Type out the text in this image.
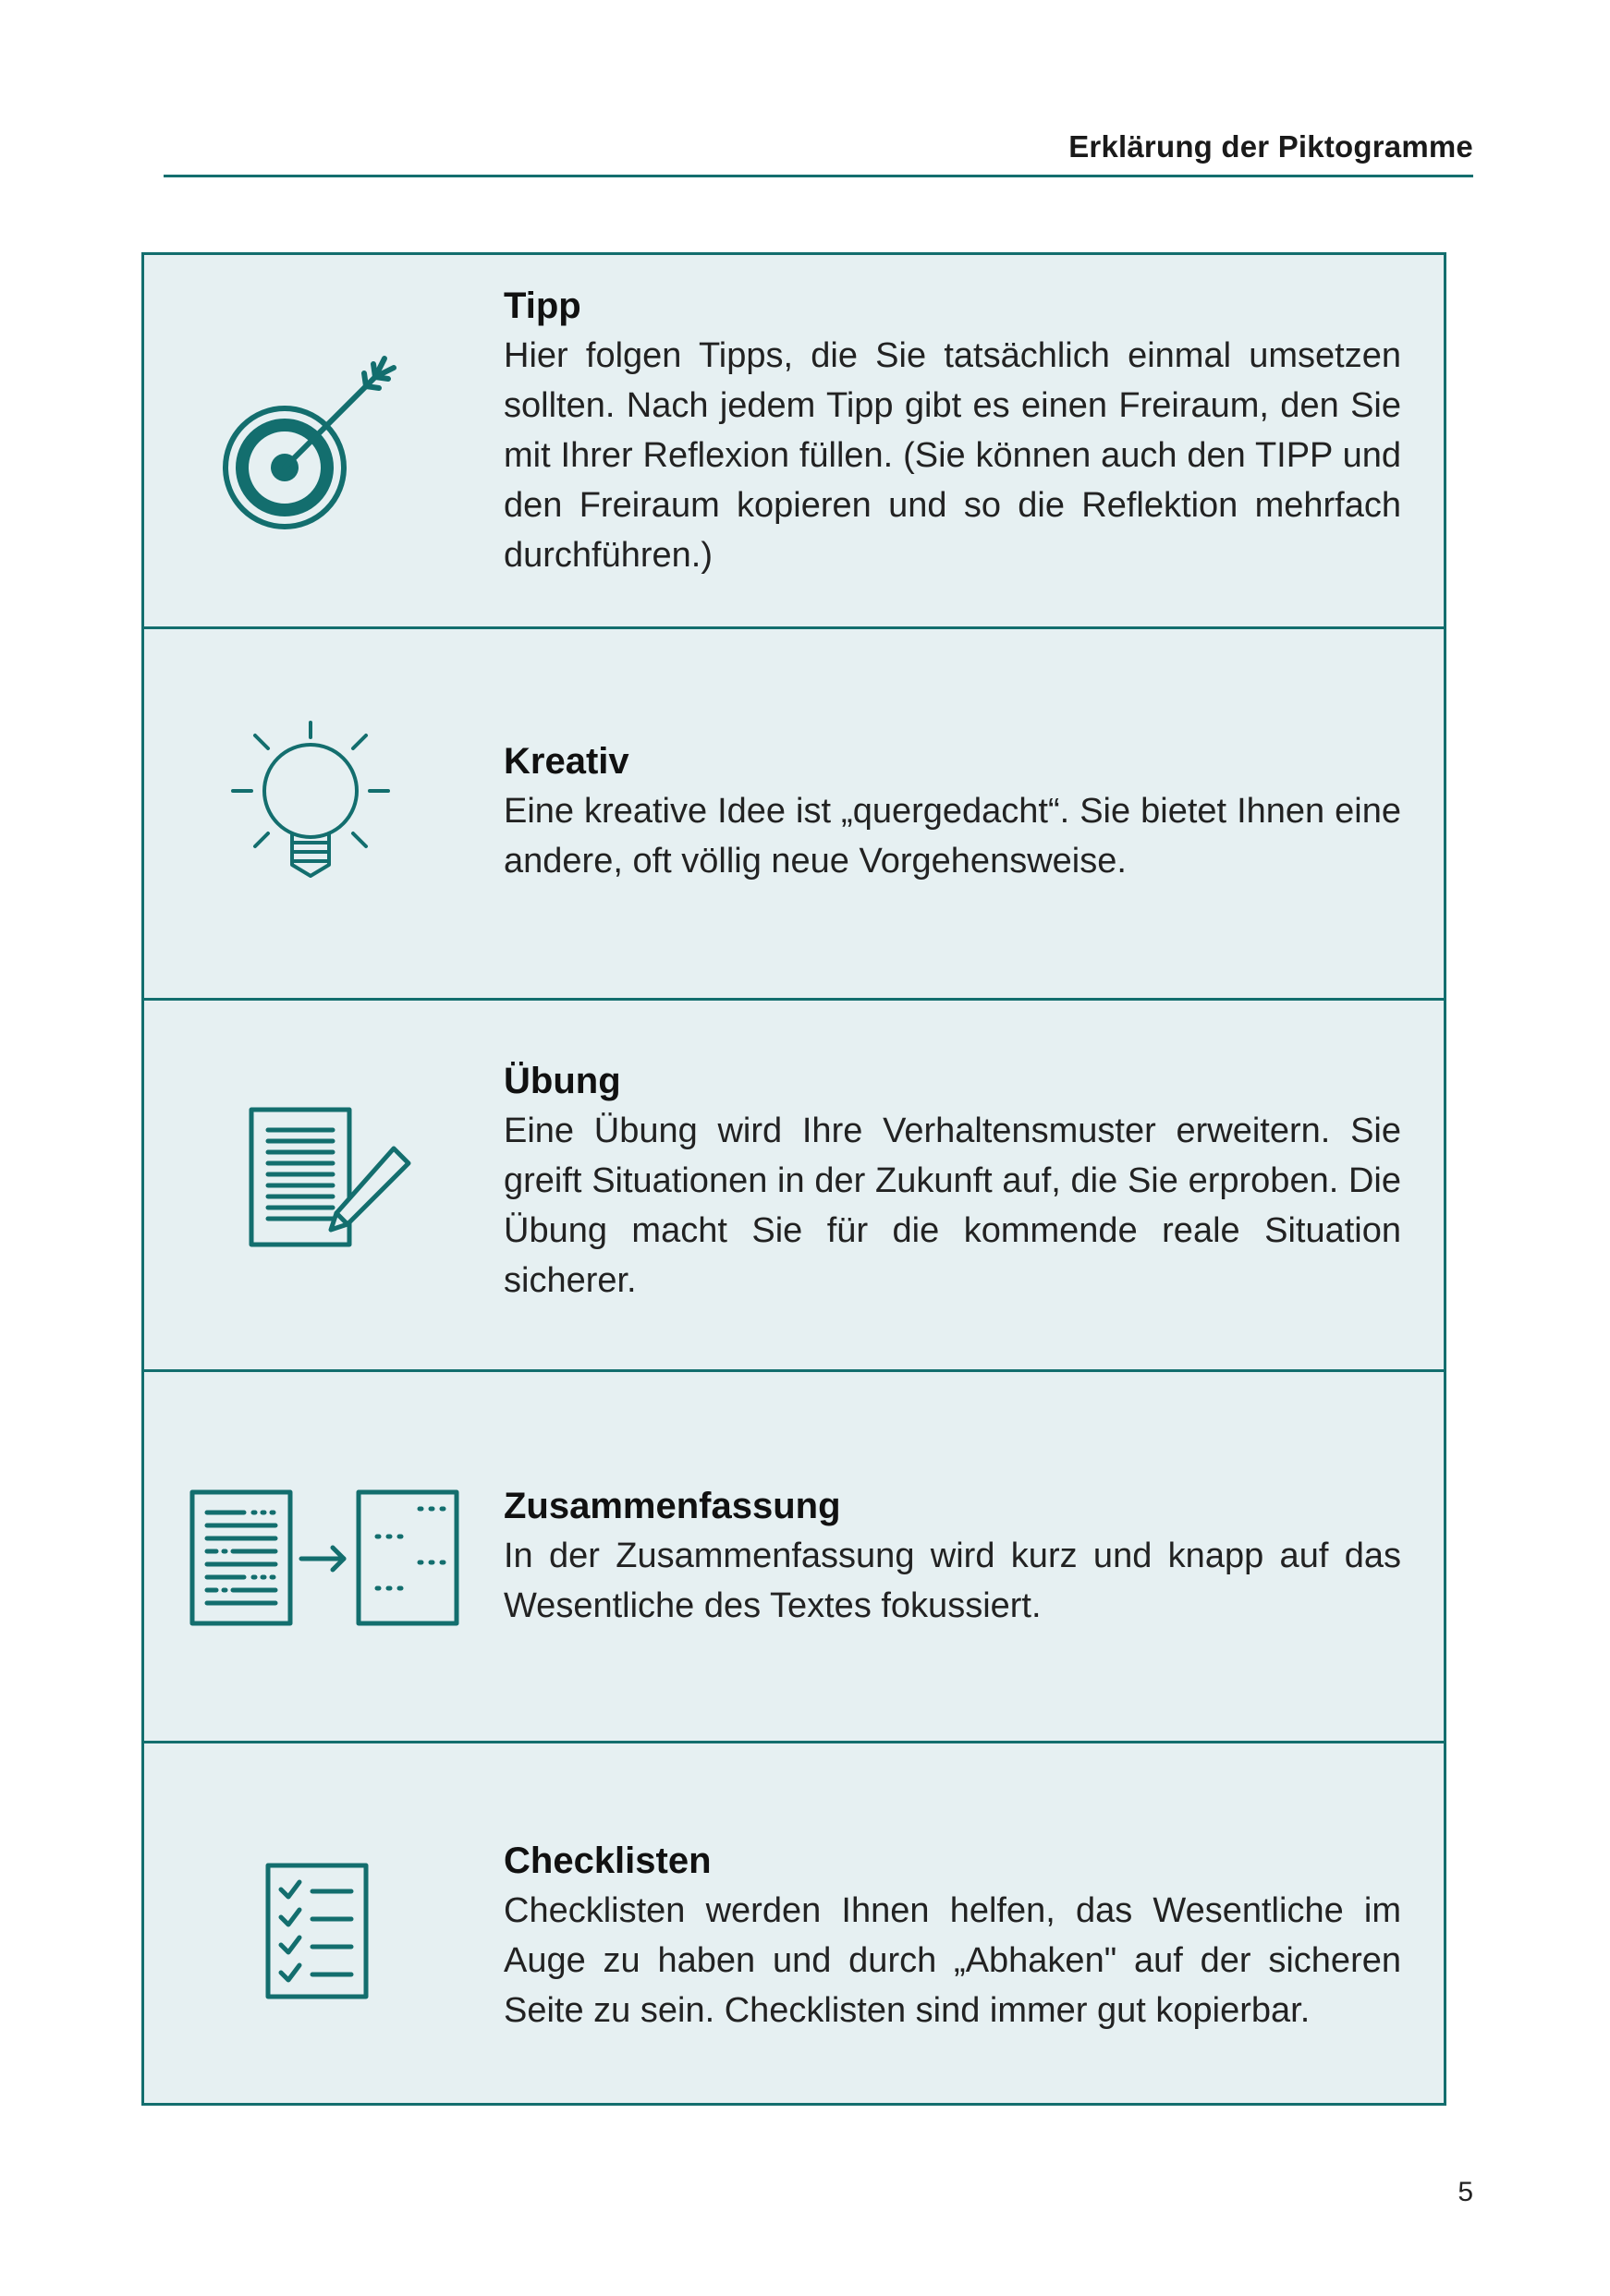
Erklärung der Piktogramme
Tipp
Hier folgen Tipps, die Sie tatsächlich einmal umsetzen sollten. Nach jedem Tipp gibt es einen Freiraum, den Sie mit Ihrer Reflexion füllen. (Sie können auch den TIPP und den Freiraum kopieren und so die Reflektion mehrfach durchführen.)
Kreativ
Eine kreative Idee ist „quergedacht“. Sie bietet Ihnen eine andere, oft völlig neue Vorgehensweise.
Übung
Eine Übung wird Ihre Verhaltensmuster erweitern. Sie greift Situationen in der Zukunft auf, die Sie erproben. Die Übung macht Sie für die kommende reale Situation sicherer.
Zusammenfassung
In der Zusammenfassung wird kurz und knapp auf das Wesentliche des Textes fokussiert.
Checklisten
Checklisten werden Ihnen helfen, das Wesentliche im Auge zu haben und durch „Abhaken" auf der sicheren Seite zu sein. Checklisten sind immer gut kopierbar.
5
